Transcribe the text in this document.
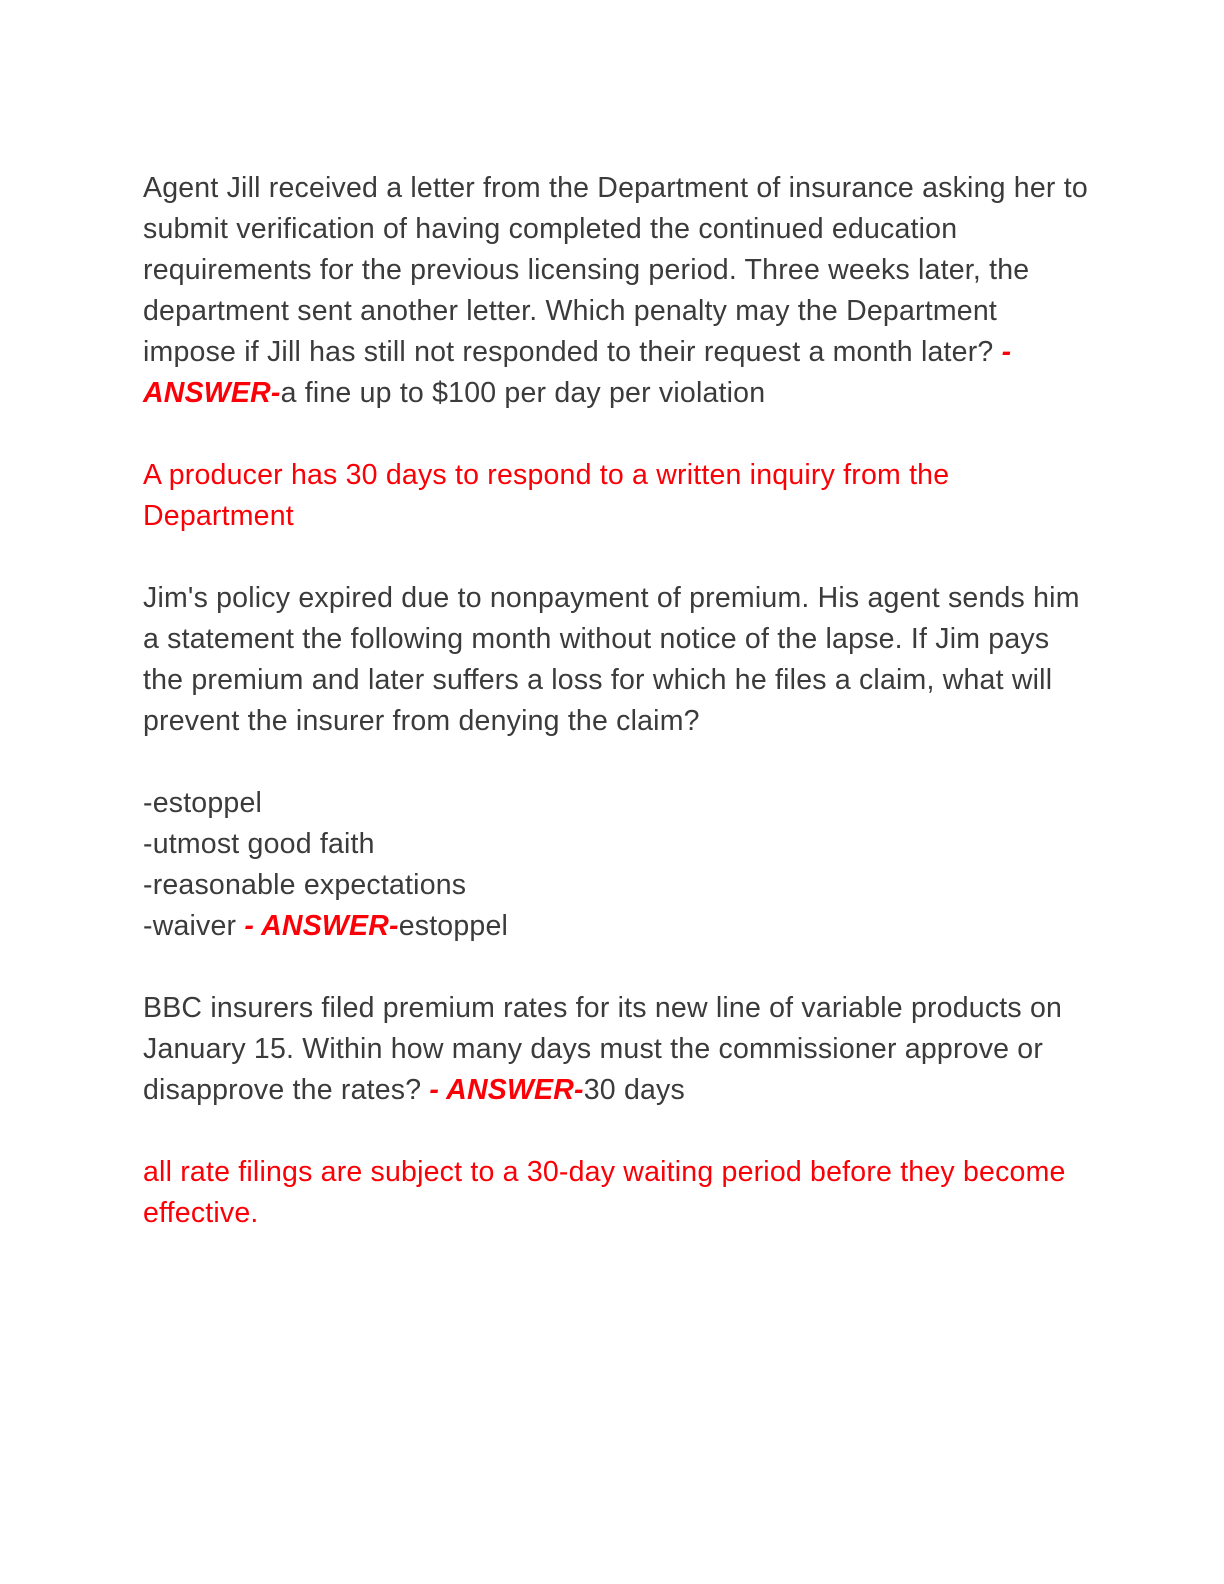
Agent Jill received a letter from the Department of insurance asking her to submit verification of having completed the continued education requirements for the previous licensing period. Three weeks later, the department sent another letter. Which penalty may the Department impose if Jill has still not responded to their request a month later? - ANSWER-a fine up to $100 per day per violation

A producer has 30 days to respond to a written inquiry from the Department

Jim's policy expired due to nonpayment of premium. His agent sends him a statement the following month without notice of the lapse. If Jim pays the premium and later suffers a loss for which he files a claim, what will prevent the insurer from denying the claim?

-estoppel
-utmost good faith
-reasonable expectations
-waiver - ANSWER-estoppel

BBC insurers filed premium rates for its new line of variable products on January 15. Within how many days must the commissioner approve or disapprove the rates? - ANSWER-30 days

all rate filings are subject to a 30-day waiting period before they become effective.
